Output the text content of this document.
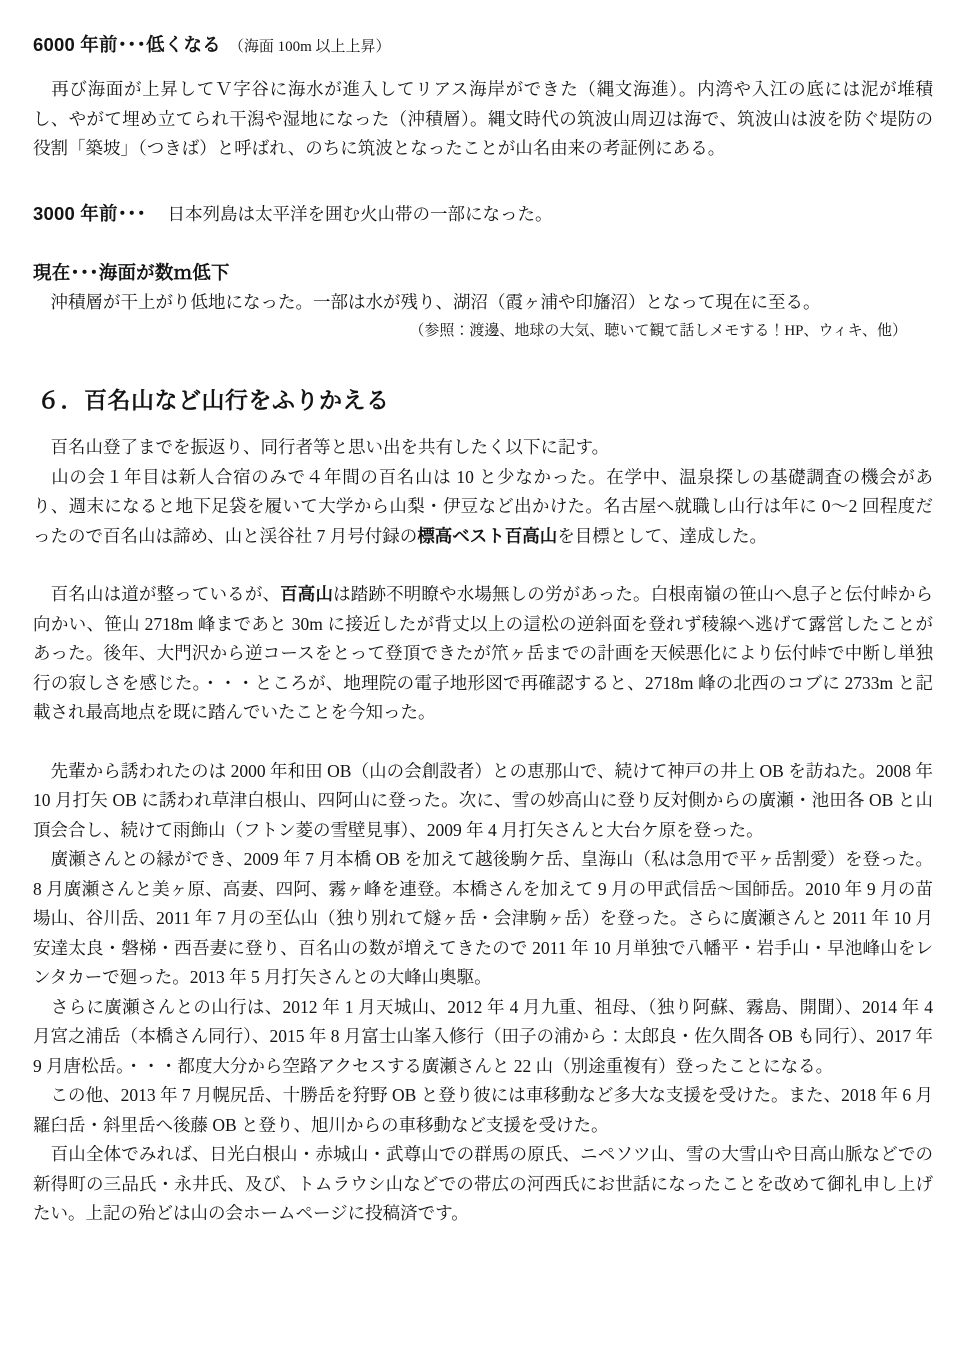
6000 年前･･･低くなる （海面 100m 以上上昇）

　再び海面が上昇してＶ字谷に海水が進入してリアス海岸ができた（縄文海進）。内湾や入江の底には泥が堆積し、やがて埋め立てられ干潟や湿地になった（沖積層）。縄文時代の筑波山周辺は海で、筑波山は波を防ぐ堤防の役割「築坡」（つきば）と呼ばれ、のちに筑波となったことが山名由来の考証例にある。

3000 年前･･･ 　日本列島は太平洋を囲む火山帯の一部になった。
現在･･･海面が数ｍ低下

　沖積層が干上がり低地になった。一部は水が残り、湖沼（霞ヶ浦や印旛沼）となって現在に至る。

（参照：渡邊、地球の大気、聴いて観て話しメモする！HP、ウィキ、他）
６．百名山など山行をふりかえる

　百名山登了までを振返り、同行者等と思い出を共有したく以下に記す。

　山の会１年目は新人合宿のみで４年間の百名山は 10 と少なかった。在学中、温泉探しの基礎調査の機会があり、週末になると地下足袋を履いて大学から山梨・伊豆など出かけた。名古屋へ就職し山行は年に 0～2 回程度だったので百名山は諦め、山と渓谷社 7 月号付録の標高ベスト百高山を目標として、達成した。

　百名山は道が整っているが、百高山は踏跡不明瞭や水場無しの労があった。白根南嶺の笹山へ息子と伝付峠から向かい、笹山 2718m 峰まであと 30m に接近したが背丈以上の這松の逆斜面を登れず稜線へ逃げて露営したことがあった。後年、大門沢から逆コースをとって登頂できたが笊ヶ岳までの計画を天候悪化により伝付峠で中断し単独行の寂しさを感じた。・・・ところが、地理院の電子地形図で再確認すると、2718m 峰の北西のコブに 2733m と記載され最高地点を既に踏んでいたことを今知った。

　先輩から誘われたのは 2000 年和田 OB（山の会創設者）との恵那山で、続けて神戸の井上 OB を訪ねた。2008 年 10 月打矢 OB に誘われ草津白根山、四阿山に登った。次に、雪の妙高山に登り反対側からの廣瀬・池田各 OB と山頂会合し、続けて雨飾山（フトン菱の雪壁見事）、2009 年 4 月打矢さんと大台ケ原を登った。

　廣瀬さんとの縁ができ、2009 年 7 月本橋 OB を加えて越後駒ケ岳、皇海山（私は急用で平ヶ岳割愛）を登った。8 月廣瀬さんと美ヶ原、高妻、四阿、霧ヶ峰を連登。本橋さんを加えて 9 月の甲武信岳～国師岳。2010 年 9 月の苗場山、谷川岳、2011 年 7 月の至仏山（独り別れて燧ヶ岳・会津駒ヶ岳）を登った。さらに廣瀬さんと 2011 年 10 月安達太良・磐梯・西吾妻に登り、百名山の数が増えてきたので 2011 年 10 月単独で八幡平・岩手山・早池峰山をレンタカーで廻った。2013 年 5 月打矢さんとの大峰山奥駆。

　さらに廣瀬さんとの山行は、2012 年 1 月天城山、2012 年 4 月九重、祖母、（独り阿蘇、霧島、開聞）、2014 年 4 月宮之浦岳（本橋さん同行）、2015 年 8 月富士山峯入修行（田子の浦から：太郎良・佐久間各 OB も同行）、2017 年 9 月唐松岳。・・・都度大分から空路アクセスする廣瀬さんと 22 山（別途重複有）登ったことになる。

　この他、2013 年 7 月幌尻岳、十勝岳を狩野 OB と登り彼には車移動など多大な支援を受けた。また、2018 年 6 月羅臼岳・斜里岳へ後藤 OB と登り、旭川からの車移動など支援を受けた。

　百山全体でみれば、日光白根山・赤城山・武尊山での群馬の原氏、ニペソツ山、雪の大雪山や日高山脈などでの新得町の三品氏・永井氏、及び、トムラウシ山などでの帯広の河西氏にお世話になったことを改めて御礼申し上げたい。上記の殆どは山の会ホームページに投稿済です。
